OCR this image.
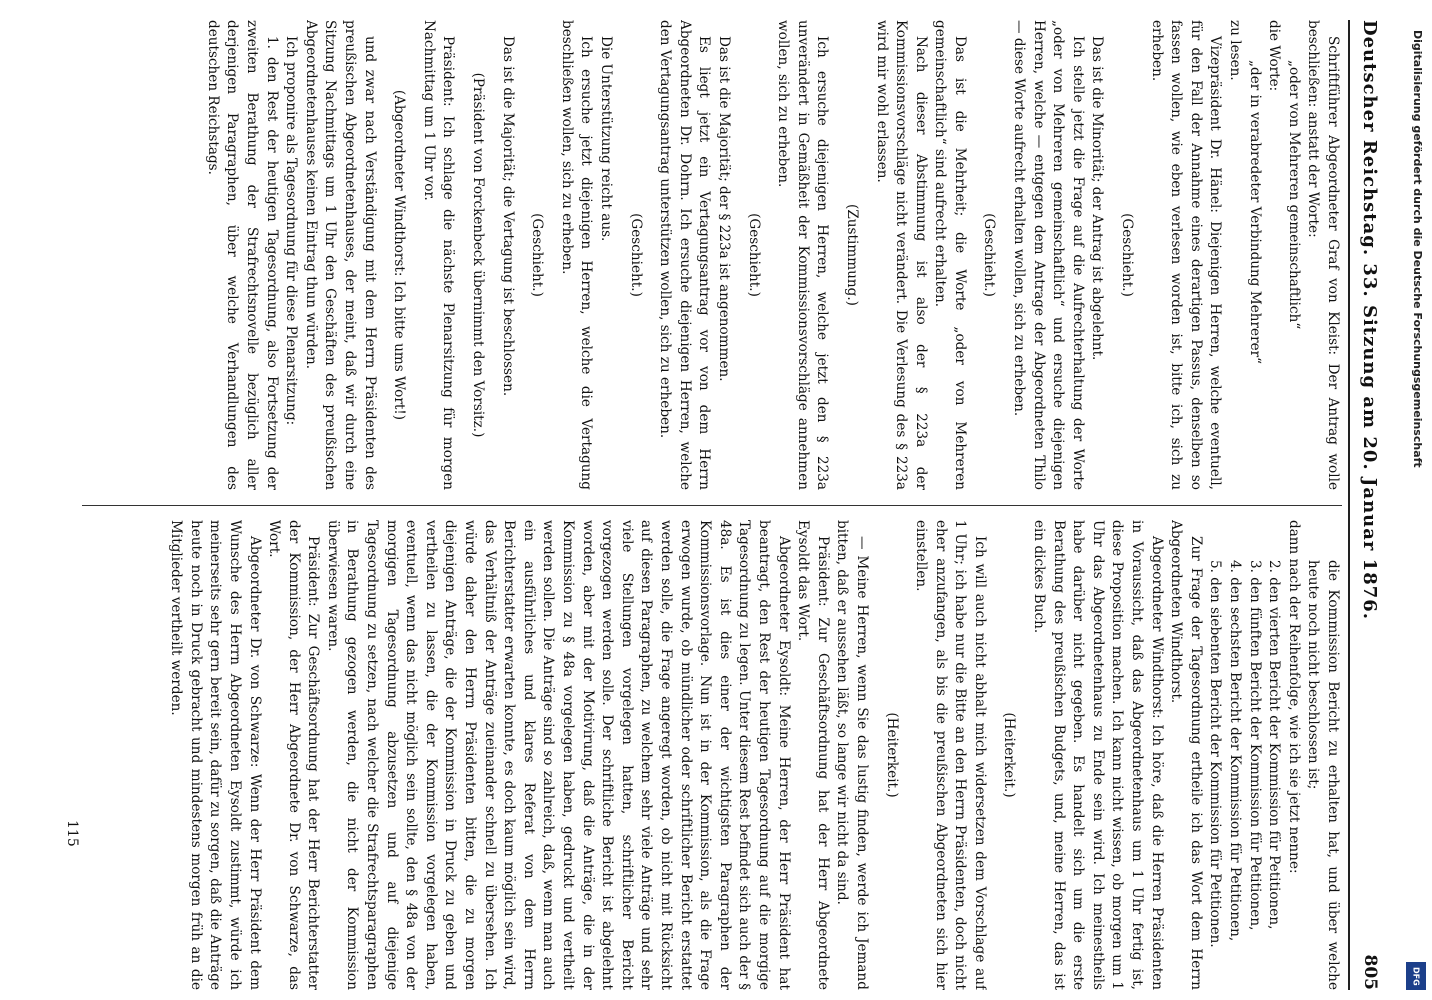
Deutscher Reichstag. 33. Sitzung am 20. Januar 1876.
805

Schriftführer Abgeordneter Graf von Kleist: Der Antrag wolle beschließen: anstatt der Worte:

„oder von Mehreren gemeinschaftlich“

die Worte:

„der in verabredeter Verbindung Mehrerer“

zu lesen.

Vizepräsident Dr. Hänel: Diejenigen Herren, welche eventuell, für den Fall der Annahme eines derartigen Passus, denselben so fassen wollen, wie eben verlesen worden ist, bitte ich, sich zu erheben.

(Geschieht.)

Das ist die Minorität; der Antrag ist abgelehnt.

Ich stelle jetzt die Frage auf die Aufrechterhaltung der Worte „oder von Mehreren gemeinschaftlich“ und ersuche diejenigen Herren, welche — entgegen dem Antrage der Abgeordneten Thilo — diese Worte aufrecht erhalten wollen, sich zu erheben.

(Geschieht.)

Das ist die Mehrheit; die Worte „oder von Mehreren gemeinschaftlich“ sind aufrecht erhalten.

Nach dieser Abstimmung ist also der § 223a der Kommissionsvorschläge nicht verändert. Die Verlesung des § 223a wird mir wohl erlassen.

(Zustimmung.)

Ich ersuche diejenigen Herren, welche jetzt den § 223a unverändert in Gemäßheit der Kommissionsvorschläge annehmen wollen, sich zu erheben.

(Geschieht.)

Das ist die Majorität; der § 223a ist angenommen.

Es liegt jetzt ein Vertagungsantrag vor von dem Herrn Abgeordneten Dr. Dohrn. Ich ersuche diejenigen Herren, welche den Vertagungsantrag unterstützen wollen, sich zu erheben.

(Geschieht.)

Die Unterstützung reicht aus.

Ich ersuche jetzt diejenigen Herren, welche die Vertagung beschließen wollen, sich zu erheben.

(Geschieht.)

Das ist die Majorität; die Vertagung ist beschlossen.

(Präsident von Forckenbeck übernimmt den Vorsitz.)

Präsident: Ich schlage die nächste Plenarsitzung für morgen Nachmittag um 1 Uhr vor.

(Abgeordneter Windthorst: Ich bitte ums Wort!)

und zwar nach Verständigung mit dem Herrn Präsidenten des preußischen Abgeordnetenhauses, der meint, daß wir durch eine Sitzung Nachmittags um 1 Uhr den Geschäften des preußischen Abgeordnetenhauses keinen Eintrag thun würden.

Ich proponire als Tagesordnung für diese Plenarsitzung:

1. den Rest der heutigen Tagesordnung, also Fortsetzung der zweiten Berathung der Strafrechtsnovelle bezüglich aller derjenigen Paragraphen, über welche Verhandlungen des deutschen Reichstags.

die Kommission Bericht zu erhalten hat, und über welche heute noch nicht beschlossen ist;

dann nach der Reihenfolge, wie ich sie jetzt nenne:

2. den vierten Bericht der Kommission für Petitionen,

3. den fünften Bericht der Kommission für Petitionen,

4. den sechsten Bericht der Kommission für Petitionen,

5. den siebenten Bericht der Kommission für Petitionen.

Zur Frage der Tagesordnung ertheile ich das Wort dem Herrn Abgeordneten Windthorst.

Abgeordneter Windthorst: Ich höre, daß die Herren Präsidenten in Voraussicht, daß das Abgeordnetenhaus um 1 Uhr fertig ist, diese Proposition machen. Ich kann nicht wissen, ob morgen um 1 Uhr das Abgeordnetenhaus zu Ende sein wird. Ich meinestheils habe darüber nicht gegeben. Es handelt sich um die erste Berathung des preußischen Budgets, und, meine Herren, das ist ein dickes Buch.

(Heiterkeit.)

Ich will auch nicht abhalt mich widersetzen dem Vorschlage auf 1 Uhr; ich habe nur die Bitte an den Herrn Präsidenten, doch nicht eher anzufangen, als bis die preußischen Abgeordneten sich hier einstellen.

(Heiterkeit.)

— Meine Herren, wenn Sie das lustig finden, werde ich Jemand bitten, daß er aussehen läßt, so lange wir nicht da sind.

Präsident: Zur Geschäftsordnung hat der Herr Abgeordnete Eysoldt das Wort.

Abgeordneter Eysoldt: Meine Herren, der Herr Präsident hat beantragt, den Rest der heutigen Tagesordnung auf die morgige Tagesordnung zu legen. Unter diesem Rest befindet sich auch der § 48a. Es ist dies einer der wichtigsten Paragraphen der Kommissionsvorlage. Nun ist in der Kommission, als die Frage erwogen wurde, ob mündlicher oder schriftlicher Bericht erstattet werden solle, die Frage angeregt worden, ob nicht mit Rücksicht auf diesen Paragraphen, zu welchem sehr viele Anträge und sehr viele Stellungen vorgelegen hatten, schriftlicher Bericht vorgezogen werden solle. Der schriftliche Bericht ist abgelehnt worden, aber mit der Motivirung, daß die Anträge, die in der Kommission zu § 48a vorgelegen haben, gedruckt und vertheilt werden sollen. Die Anträge sind so zahlreich, daß, wenn man auch ein ausführliches und klares Referat von dem Herrn Berichterstatter erwarten konnte, es doch kaum möglich sein wird, das Verhältniß der Anträge zueinander schnell zu übersehen. Ich würde daher den Herrn Präsidenten bitten, die zu morgen diejenigen Anträge, die der Kommission in Druck zu geben und vertheilen zu lassen, die der Kommission vorgelegen haben, eventuell, wenn das nicht möglich sein sollte, den § 48a von der morgigen Tagesordnung abzusetzen und auf diejenige Tagesordnung zu setzen, nach welcher die Strafrechtsparagraphen in Berathung gezogen werden, die nicht der Kommission überwiesen waren.

Präsident: Zur Geschäftsordnung hat der Herr Berichterstatter der Kommission, der Herr Abgeordnete Dr. von Schwarze, das Wort.

Abgeordneter Dr. von Schwarze: Wenn der Herr Präsident dem Wunsche des Herrn Abgeordneten Eysoldt zustimmt, würde ich meinerseits sehr gern bereit sein, dafür zu sorgen, daß die Anträge heute noch in Druck gebracht und mindestens morgen früh an die Mitglieder vertheilt werden.

115
Digitalisierung gefördert durch die Deutsche Forschungsgemeinschaft
DFG
